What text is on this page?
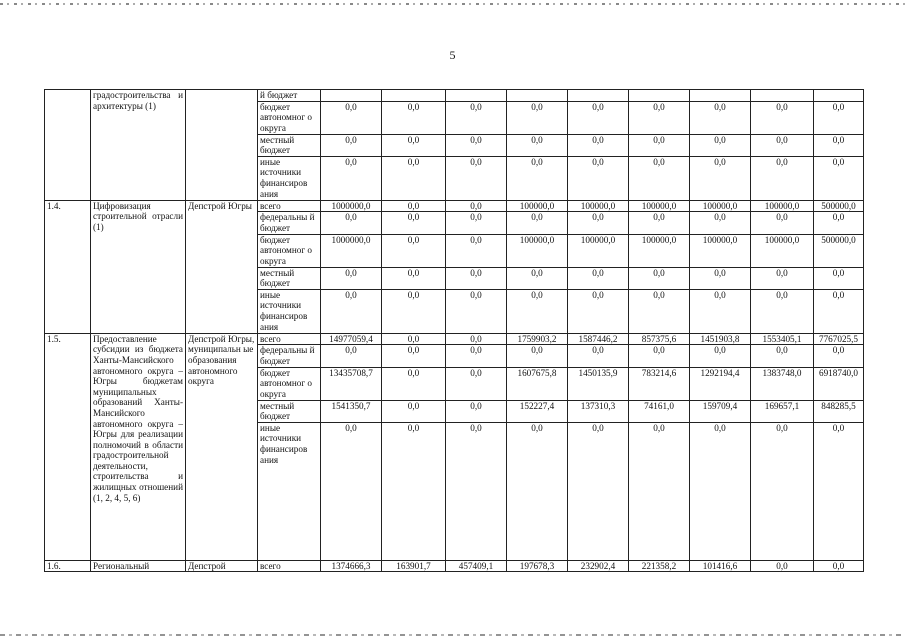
5
	градостроительства и архитектуры (1)		й бюджет									
			бюджет автономног о округа	0,0	0,0	0,0	0,0	0,0	0,0	0,0	0,0	0,0
			местный бюджет	0,0	0,0	0,0	0,0	0,0	0,0	0,0	0,0	0,0
			иные источники финансиров ания	0,0	0,0	0,0	0,0	0,0	0,0	0,0	0,0	0,0
1.4.	Цифровизация строительной отрасли (1)	Депстрой Югры	всего	1000000,0	0,0	0,0	100000,0	100000,0	100000,0	100000,0	100000,0	500000,0
			федеральны й бюджет	0,0	0,0	0,0	0,0	0,0	0,0	0,0	0,0	0,0
			бюджет автономног о округа	1000000,0	0,0	0,0	100000,0	100000,0	100000,0	100000,0	100000,0	500000,0
			местный бюджет	0,0	0,0	0,0	0,0	0,0	0,0	0,0	0,0	0,0
			иные источники финансиров ания	0,0	0,0	0,0	0,0	0,0	0,0	0,0	0,0	0,0
1.5.	Предоставление субсидии из бюджета Ханты-Мансийского автономного округа – Югры бюджетам муниципальных образований Ханты-Мансийского автономного округа – Югры для реализации полномочий в области градостроительной деятельности, строительства и жилищных отношений (1, 2, 4, 5, 6)	Депстрой Югры, муниципальн ые образования автономного округа	всего	14977059,4	0,0	0,0	1759903,2	1587446,2	857375,6	1451903,8	1553405,1	7767025,5
			федеральны й бюджет	0,0	0,0	0,0	0,0	0,0	0,0	0,0	0,0	0,0
			бюджет автономног о округа	13435708,7	0,0	0,0	1607675,8	1450135,9	783214,6	1292194,4	1383748,0	6918740,0
			местный бюджет	1541350,7	0,0	0,0	152227,4	137310,3	74161,0	159709,4	169657,1	848285,5
			иные источники финансиров ания	0,0	0,0	0,0	0,0	0,0	0,0	0,0	0,0	0,0
1.6.	Региональный	Депстрой	всего	1374666,3	163901,7	457409,1	197678,3	232902,4	221358,2	101416,6	0,0	0,0
